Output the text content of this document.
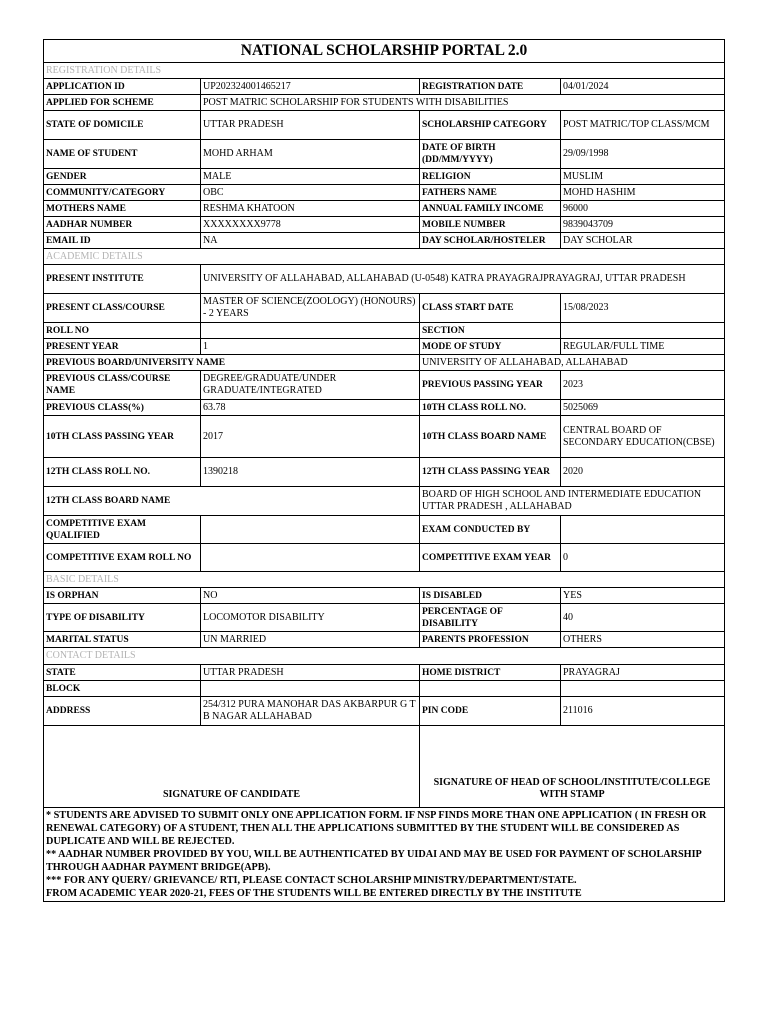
NATIONAL SCHOLARSHIP PORTAL 2.0			
REGISTRATION DETAILS			
APPLICATION ID	UP202324001465217	REGISTRATION DATE	04/01/2024
APPLIED FOR SCHEME	POST MATRIC SCHOLARSHIP FOR STUDENTS WITH DISABILITIES		
STATE OF DOMICILE	UTTAR PRADESH	SCHOLARSHIP CATEGORY	POST MATRIC/TOP CLASS/MCM
NAME OF STUDENT	MOHD ARHAM	DATE OF BIRTH (DD/MM/YYYY)	29/09/1998
GENDER	MALE	RELIGION	MUSLIM
COMMUNITY/CATEGORY	OBC	FATHERS NAME	MOHD HASHIM
MOTHERS NAME	RESHMA KHATOON	ANNUAL FAMILY INCOME	96000
AADHAR NUMBER	XXXXXXXX9778	MOBILE NUMBER	9839043709
EMAIL ID	NA	DAY SCHOLAR/HOSTELER	DAY SCHOLAR
ACADEMIC DETAILS			
PRESENT INSTITUTE	UNIVERSITY OF ALLAHABAD, ALLAHABAD (U-0548) KATRA PRAYAGRAJPRAYAGRAJ, UTTAR PRADESH		
PRESENT CLASS/COURSE	MASTER OF SCIENCE(ZOOLOGY) (HONOURS) - 2 YEARS	CLASS START DATE	15/08/2023
ROLL NO		SECTION	
PRESENT YEAR	1	MODE OF STUDY	REGULAR/FULL TIME
PREVIOUS BOARD/UNIVERSITY NAME		UNIVERSITY OF ALLAHABAD, ALLAHABAD	
PREVIOUS CLASS/COURSE NAME	DEGREE/GRADUATE/UNDER GRADUATE/INTEGRATED	PREVIOUS PASSING YEAR	2023
PREVIOUS CLASS(%)	63.78	10TH CLASS ROLL NO.	5025069
10TH CLASS PASSING YEAR	2017	10TH CLASS BOARD NAME	CENTRAL BOARD OF SECONDARY EDUCATION(CBSE)
12TH CLASS ROLL NO.	1390218	12TH CLASS PASSING YEAR	2020
12TH CLASS BOARD NAME		BOARD OF HIGH SCHOOL AND INTERMEDIATE EDUCATION UTTAR PRADESH , ALLAHABAD	
COMPETITIVE EXAM QUALIFIED		EXAM CONDUCTED BY	
COMPETITIVE EXAM ROLL NO		COMPETITIVE EXAM YEAR	0
BASIC DETAILS			
IS ORPHAN	NO	IS DISABLED	YES
TYPE OF DISABILITY	LOCOMOTOR DISABILITY	PERCENTAGE OF DISABILITY	40
MARITAL STATUS	UN MARRIED	PARENTS PROFESSION	OTHERS
CONTACT DETAILS			
STATE	UTTAR PRADESH	HOME DISTRICT	PRAYAGRAJ
BLOCK			
ADDRESS	254/312 PURA MANOHAR DAS AKBARPUR G T B NAGAR ALLAHABAD	PIN CODE	211016
SIGNATURE OF CANDIDATE		SIGNATURE OF HEAD OF SCHOOL/INSTITUTE/COLLEGE WITH STAMP	

* STUDENTS ARE ADVISED TO SUBMIT ONLY ONE APPLICATION FORM. IF NSP FINDS MORE THAN ONE APPLICATION ( IN FRESH OR RENEWAL CATEGORY) OF A STUDENT, THEN ALL THE APPLICATIONS SUBMITTED BY THE STUDENT WILL BE CONSIDERED AS DUPLICATE AND WILL BE REJECTED.
** AADHAR NUMBER PROVIDED BY YOU, WILL BE AUTHENTICATED BY UIDAI AND MAY BE USED FOR PAYMENT OF SCHOLARSHIP THROUGH AADHAR PAYMENT BRIDGE(APB).
*** FOR ANY QUERY/ GRIEVANCE/ RTI, PLEASE CONTACT SCHOLARSHIP MINISTRY/DEPARTMENT/STATE.
FROM ACADEMIC YEAR 2020-21, FEES OF THE STUDENTS WILL BE ENTERED DIRECTLY BY THE INSTITUTE			
